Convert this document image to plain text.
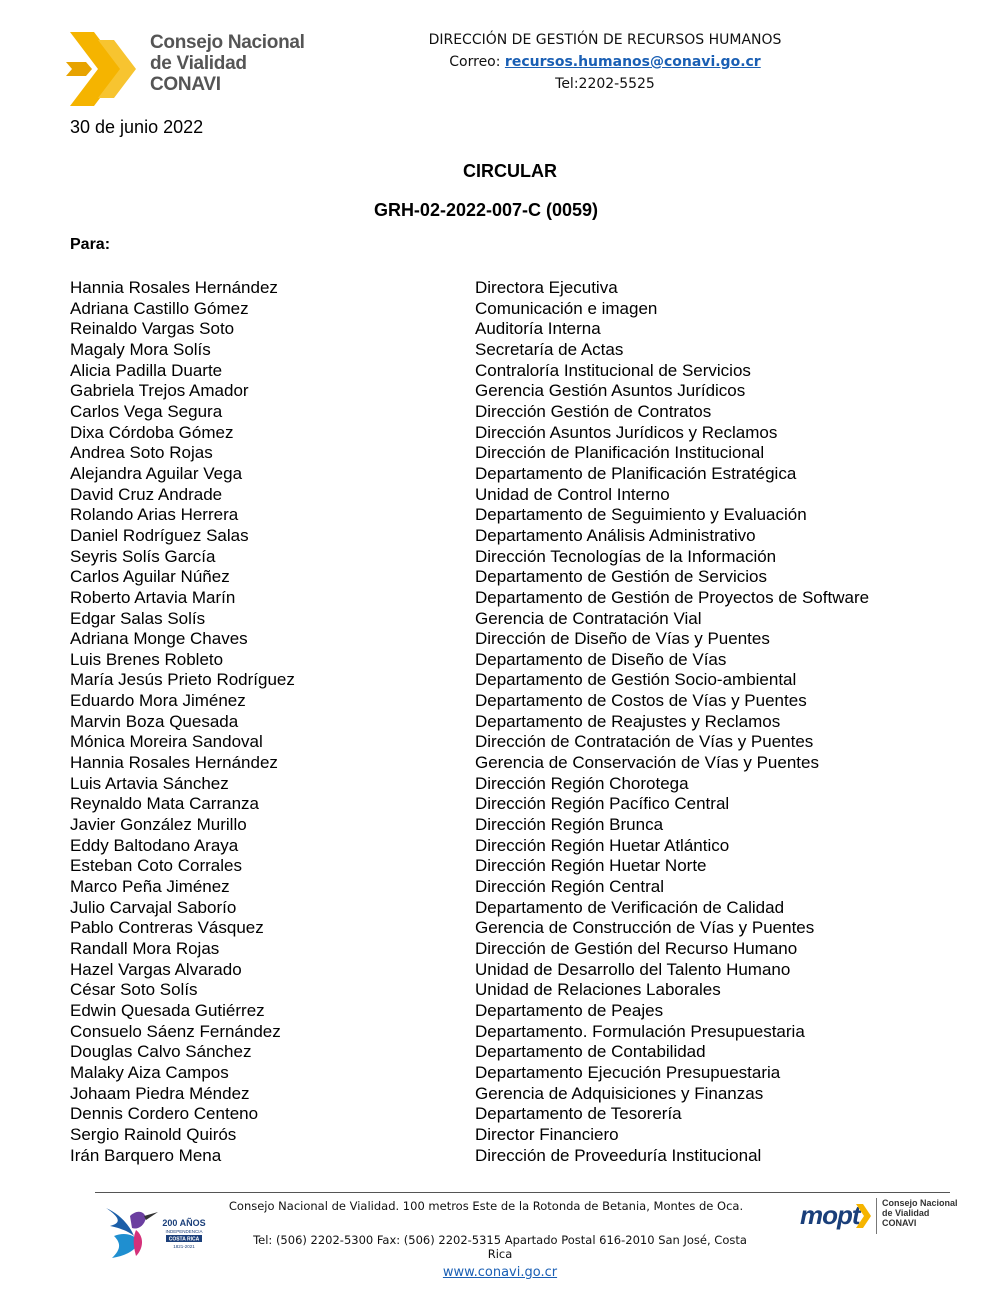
Consejo Nacional
de Vialidad
CONAVI
DIRECCIÓN DE GESTIÓN DE RECURSOS HUMANOS
Correo: recursos.humanos@conavi.go.cr
Tel:2202-5525
30 de junio 2022
CIRCULAR
GRH-02-2022-007-C (0059)
Para:
Hannia Rosales Hernández	Directora Ejecutiva
Adriana Castillo Gómez	Comunicación e imagen
Reinaldo Vargas Soto	Auditoría Interna
Magaly Mora Solís	Secretaría de Actas
Alicia Padilla Duarte	Contraloría Institucional de Servicios
Gabriela Trejos Amador	Gerencia Gestión Asuntos Jurídicos
Carlos Vega Segura	Dirección Gestión de Contratos
Dixa Córdoba Gómez	Dirección Asuntos Jurídicos y Reclamos
Andrea Soto Rojas	Dirección de Planificación Institucional
Alejandra Aguilar Vega	Departamento de Planificación Estratégica
David Cruz Andrade	Unidad de Control Interno
Rolando Arias Herrera	Departamento de Seguimiento y Evaluación
Daniel Rodríguez Salas	Departamento Análisis Administrativo
Seyris Solís García	Dirección Tecnologías de la Información
Carlos Aguilar Núñez	Departamento de Gestión de Servicios
Roberto Artavia Marín	Departamento de Gestión de Proyectos de Software
Edgar Salas Solís	Gerencia de Contratación Vial
Adriana Monge Chaves	Dirección de Diseño de Vías y Puentes
Luis Brenes Robleto	Departamento de Diseño de Vías
María Jesús Prieto Rodríguez	Departamento de Gestión Socio-ambiental
Eduardo Mora Jiménez	Departamento de Costos de Vías y Puentes
Marvin Boza Quesada	Departamento de Reajustes y Reclamos
Mónica Moreira Sandoval	Dirección de Contratación de Vías y Puentes
Hannia Rosales Hernández	Gerencia de Conservación de Vías y Puentes
Luis Artavia Sánchez	Dirección Región Chorotega
Reynaldo Mata Carranza	Dirección Región Pacífico Central
Javier González Murillo	Dirección Región Brunca
Eddy Baltodano Araya	Dirección Región Huetar Atlántico
Esteban Coto Corrales	Dirección Región Huetar Norte
Marco Peña Jiménez	Dirección Región Central
Julio Carvajal Saborío	Departamento de Verificación de Calidad
Pablo Contreras Vásquez	Gerencia de Construcción de Vías y Puentes
Randall Mora Rojas	Dirección de Gestión del Recurso Humano
Hazel Vargas Alvarado	Unidad de Desarrollo del Talento Humano
César Soto Solís	Unidad de Relaciones Laborales
Edwin Quesada Gutiérrez	Departamento de Peajes
Consuelo Sáenz Fernández	Departamento. Formulación Presupuestaria
Douglas Calvo Sánchez	Departamento de Contabilidad
Malaky Aiza Campos	Departamento Ejecución Presupuestaria
Johaam Piedra Méndez	Gerencia de Adquisiciones y Finanzas
Dennis Cordero Centeno	Departamento de Tesorería
Sergio Rainold Quirós	Director Financiero
Irán Barquero Mena	Dirección de Proveeduría Institucional
200 AÑOS
INDEPENDENCIA
COSTA RICA
1821-2021
Consejo Nacional de Vialidad. 100 metros Este de la Rotonda de Betania, Montes de Oca.
Tel: (506) 2202-5300 Fax: (506) 2202-5315 Apartado Postal 616-2010 San José, Costa Rica
www.conavi.go.cr
mopt Consejo Nacional
de Vialidad
CONAVI
